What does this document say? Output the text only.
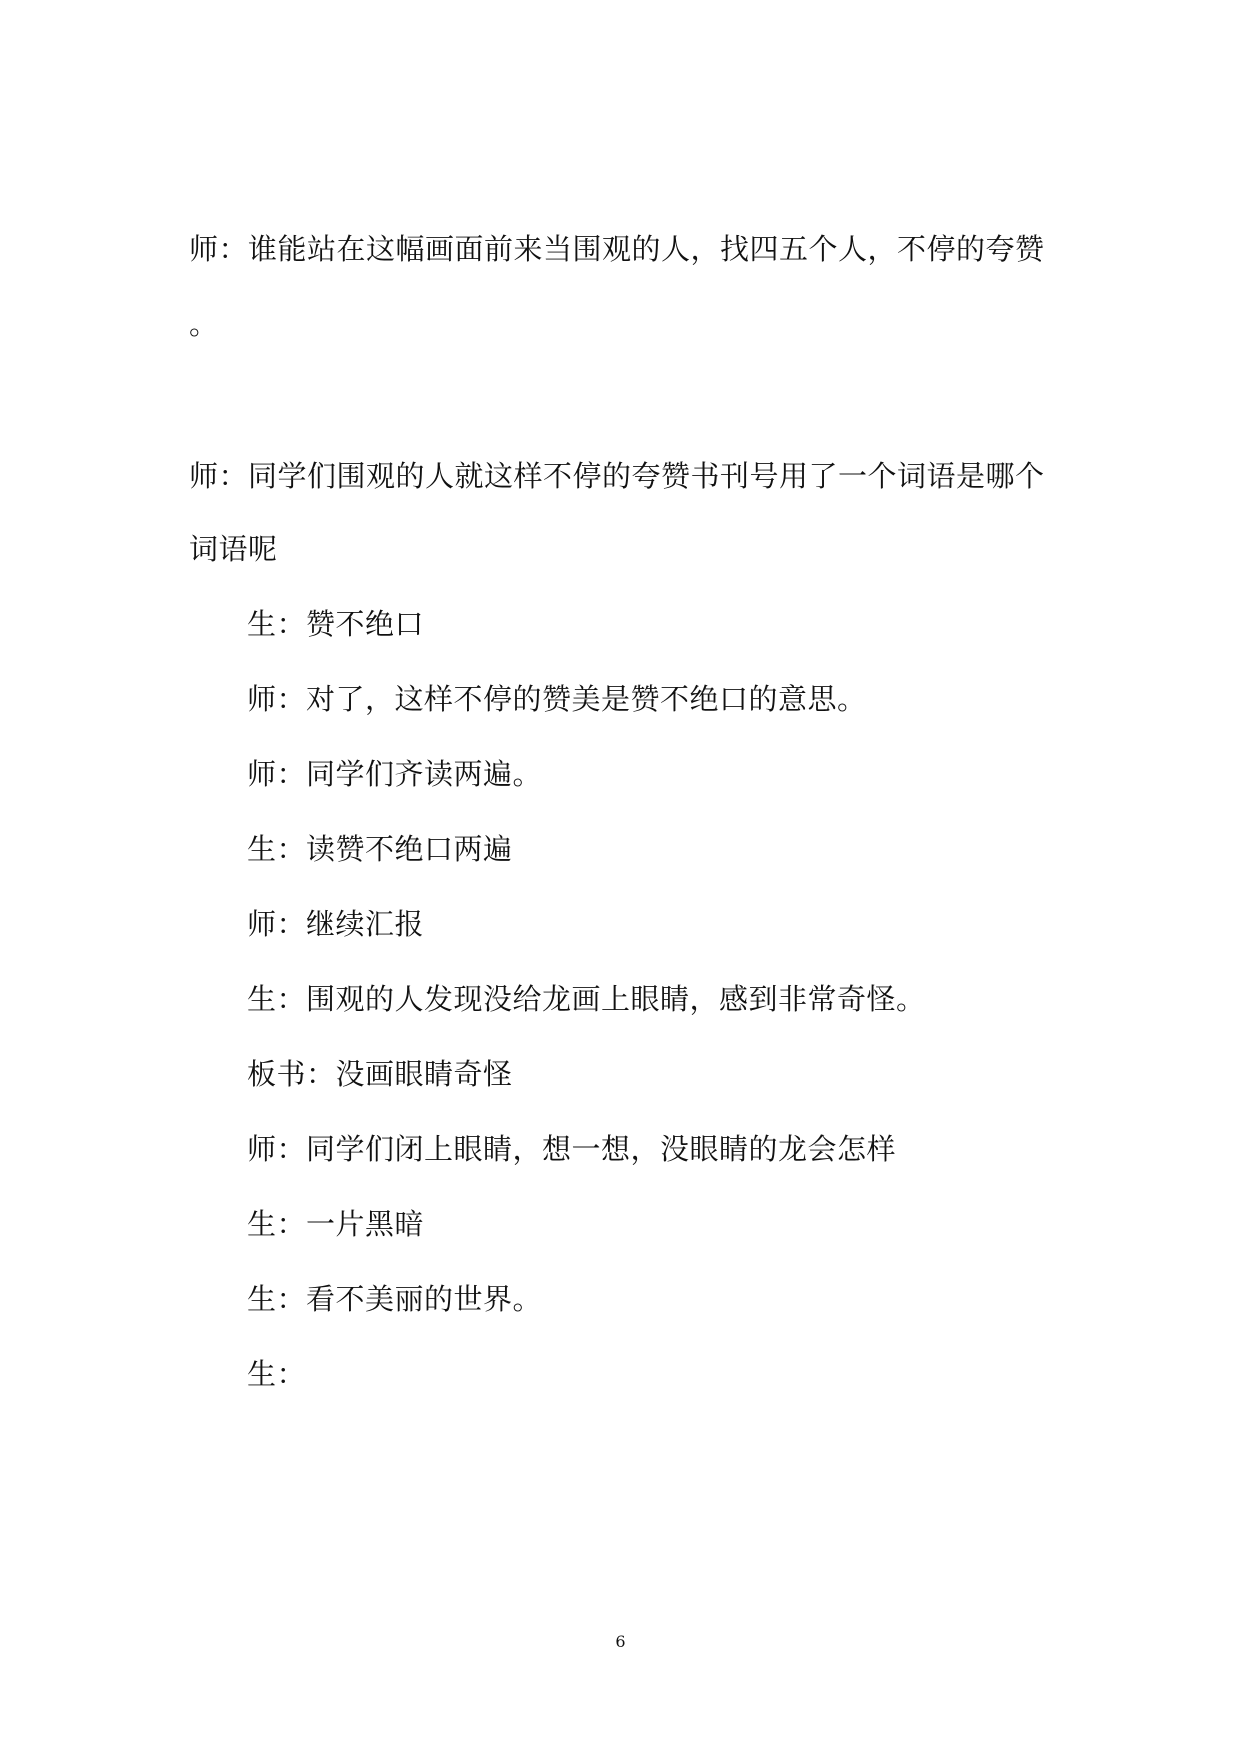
师：谁能站在这幅画面前来当围观的人，找四五个人，不停的夸赞
。
师：同学们围观的人就这样不停的夸赞书刊号用了一个词语是哪个
词语呢
生：赞不绝口
师：对了，这样不停的赞美是赞不绝口的意思。
师：同学们齐读两遍。
生：读赞不绝口两遍
师：继续汇报
生：围观的人发现没给龙画上眼睛，感到非常奇怪。
板书：没画眼睛奇怪
师：同学们闭上眼睛，想一想，没眼睛的龙会怎样
生：一片黑暗
生：看不美丽的世界。
生：
6
